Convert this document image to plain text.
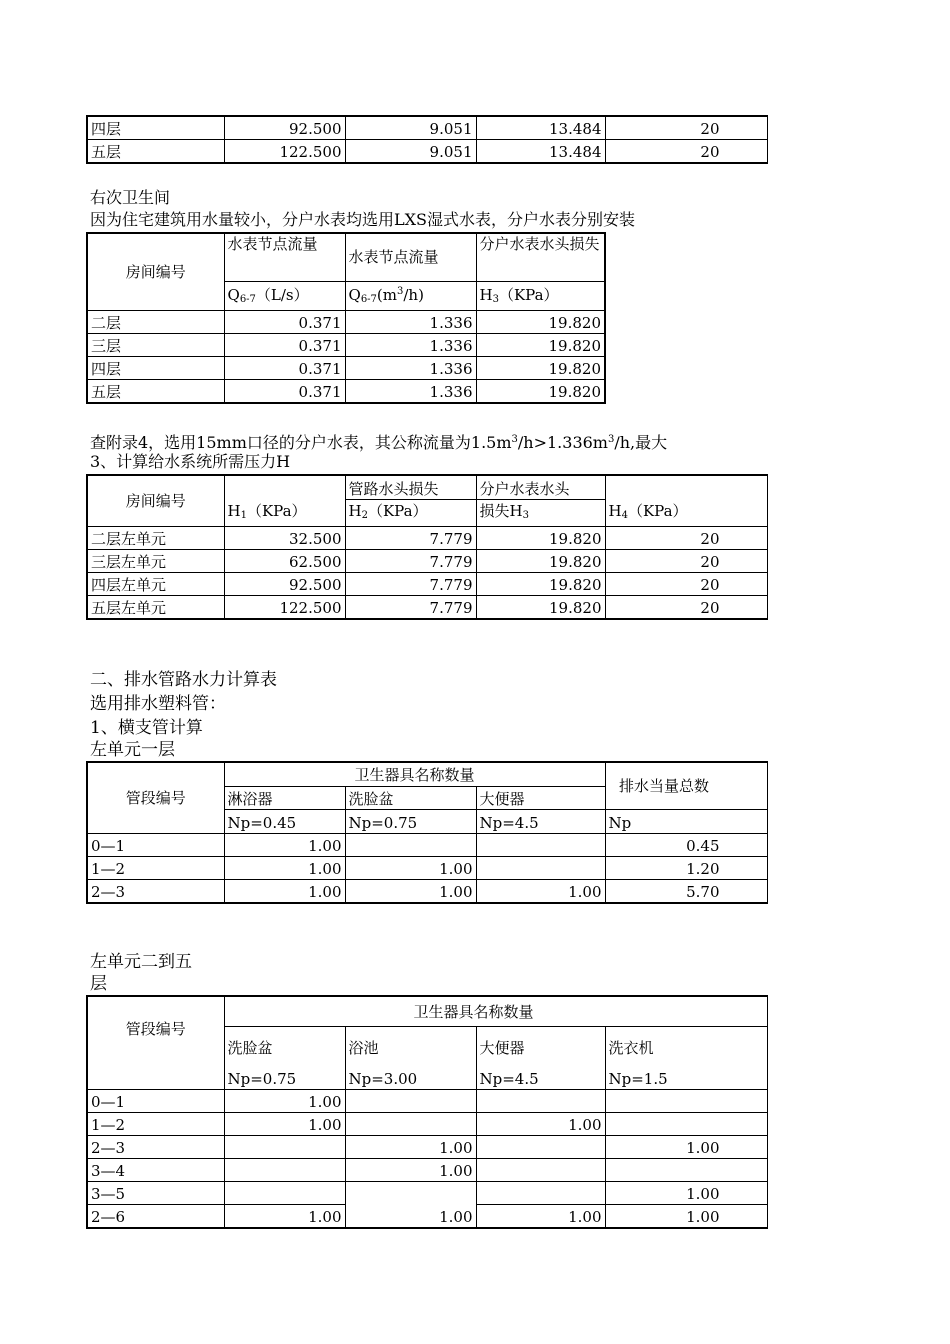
四层	92.500	9.051	13.484	20
五层	122.500	9.051	13.484	20
右次卫生间
因为住宅建筑用水量较小，分户水表均选用LXS湿式水表，分户水表分别安装
房间编号	水表节点流量	水表节点流量	分户水表水头损失
	$Q_{6-7}(L/s)$	$Q_{6-7}(m^3/h)$	$H_3(KPa)$
二层	0.371	1.336	19.820
三层	0.371	1.336	19.820
四层	0.371	1.336	19.820
五层	0.371	1.336	19.820
查附录4，选用15mm口径的分户水表，其公称流量为$1.5m^3/h>1.336m^3/h$,最大
3、计算给水系统所需压力H
房间编号	$H_1(KPa)$	管路水头损失	分户水表水头	$H_4(KPa)$
		$H_2(KPa)$	损失$H_3$
二层左单元	32.500	7.779	19.820	20
三层左单元	62.500	7.779	19.820	20
四层左单元	92.500	7.779	19.820	20
五层左单元	122.500	7.779	19.820	20
二、排水管路水力计算表
选用排水塑料管：
1、横支管计算
左单元一层
管段编号	卫生器具名称数量			排水当量总数
	淋浴器	洗脸盆	大便器	
	Np=0.45	Np=0.75	Np=4.5	Np
0—1	1.00			0.45
1—2	1.00	1.00		1.20
2—3	1.00	1.00	1.00	5.70
左单元二到五
层
管段编号	卫生器具名称数量			
	洗脸盆	浴池	大便器	洗衣机
	Np=0.75	Np=3.00	Np=4.5	Np=1.5
0—1	1.00			
1—2	1.00		1.00	
2—3		1.00		1.00
3—4		1.00		
3—5				1.00
2—6	1.00	1.00	1.00	1.00
